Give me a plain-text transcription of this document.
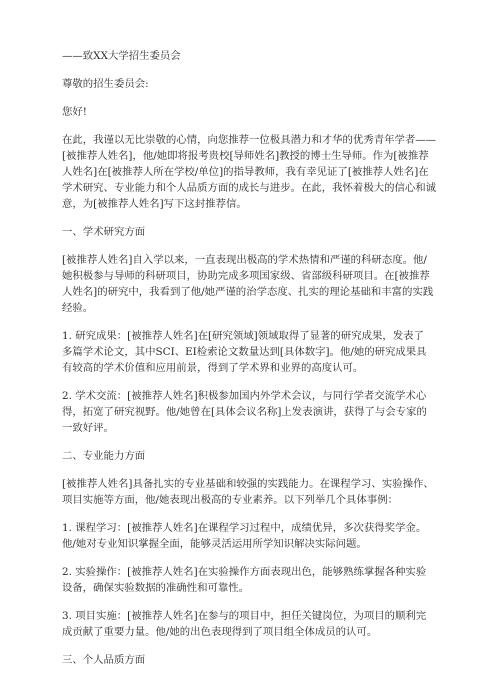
——致XX大学招生委员会
尊敬的招生委员会:
您好!
在此，我谨以无比崇敬的心情，向您推荐一位极具潜力和才华的优秀青年学者——
[被推荐人姓名]，他/她即将报考贵校[导师姓名]教授的博士生导师。作为[被推荐
人姓名]在[被推荐人所在学校/单位]的指导教师，我有幸见证了[被推荐人姓名]在
学术研究、专业能力和个人品质方面的成长与进步。在此，我怀着极大的信心和诚
意，为[被推荐人姓名]写下这封推荐信。
一、学术研究方面
[被推荐人姓名]自入学以来，一直表现出极高的学术热情和严谨的科研态度。他/
她积极参与导师的科研项目，协助完成多项国家级、省部级科研项目。在[被推荐
人姓名]的研究中，我看到了他/她严谨的治学态度、扎实的理论基础和丰富的实践
经验。
1. 研究成果：[被推荐人姓名]在[研究领域]领域取得了显著的研究成果，发表了
多篇学术论文，其中SCI、EI检索论文数量达到[具体数字]。他/她的研究成果具
有较高的学术价值和应用前景，得到了学术界和业界的高度认可。
2. 学术交流：[被推荐人姓名]积极参加国内外学术会议，与同行学者交流学术心
得，拓宽了研究视野。他/她曾在[具体会议名称]上发表演讲，获得了与会专家的
一致好评。
二、专业能力方面
[被推荐人姓名]具备扎实的专业基础和较强的实践能力。在课程学习、实验操作、
项目实施等方面，他/她表现出极高的专业素养。以下列举几个具体事例：
1. 课程学习：[被推荐人姓名]在课程学习过程中，成绩优异，多次获得奖学金。
他/她对专业知识掌握全面，能够灵活运用所学知识解决实际问题。
2. 实验操作：[被推荐人姓名]在实验操作方面表现出色，能够熟练掌握各种实验
设备，确保实验数据的准确性和可靠性。
3. 项目实施：[被推荐人姓名]在参与的项目中，担任关键岗位，为项目的顺利完
成贡献了重要力量。他/她的出色表现得到了项目组全体成员的认可。
三、个人品质方面
